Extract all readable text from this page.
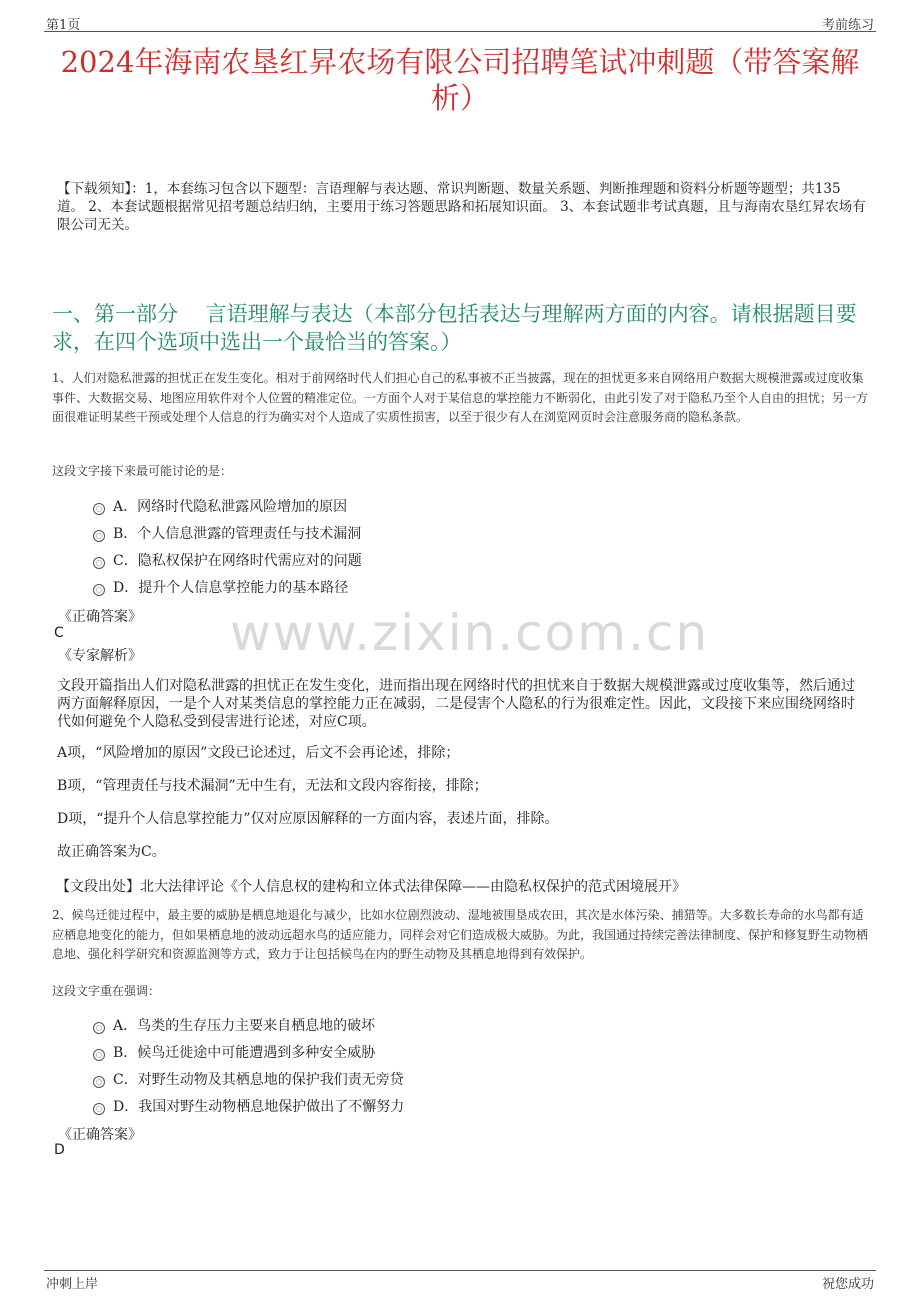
第1页	考前练习
2024年海南农垦红昇农场有限公司招聘笔试冲刺题（带答案解析）
【下载须知】：1，本套练习包含以下题型：言语理解与表达题、常识判断题、数量关系题、判断推理题和资料分析题等题型；共135道。 2、本套试题根据常见招考题总结归纳，主要用于练习答题思路和拓展知识面。 3、本套试题非考试真题，且与海南农垦红昇农场有限公司无关。
一、第一部分　 言语理解与表达（本部分包括表达与理解两方面的内容。请根据题目要求，在四个选项中选出一个最恰当的答案。）
1、人们对隐私泄露的担忧正在发生变化。相对于前网络时代人们担心自己的私事被不正当披露，现在的担忧更多来自网络用户数据大规模泄露或过度收集事件、大数据交易、地图应用软件对个人位置的精准定位。一方面个人对于某信息的掌控能力不断弱化，由此引发了对于隐私乃至个人自由的担忧；另一方面很难证明某些干预或处理个人信息的行为确实对个人造成了实质性损害，以至于很少有人在浏览网页时会注意服务商的隐私条款。
这段文字接下来最可能讨论的是：
A．网络时代隐私泄露风险增加的原因
B．个人信息泄露的管理责任与技术漏洞
C．隐私权保护在网络时代需应对的问题
D．提升个人信息掌控能力的基本路径
《正确答案》
C
《专家解析》 www.zixin.com.cn
文段开篇指出人们对隐私泄露的担忧正在发生变化，进而指出现在网络时代的担忧来自于数据大规模泄露或过度收集等，然后通过两方面解释原因，一是个人对某类信息的掌控能力正在减弱，二是侵害个人隐私的行为很难定性。因此，文段接下来应围绕网络时代如何避免个人隐私受到侵害进行论述，对应C项。
A项，“风险增加的原因”文段已论述过，后文不会再论述，排除；
B项，“管理责任与技术漏洞”无中生有，无法和文段内容衔接，排除；
D项，“提升个人信息掌控能力”仅对应原因解释的一方面内容，表述片面，排除。
故正确答案为C。
【文段出处】北大法律评论《个人信息权的建构和立体式法律保障——由隐私权保护的范式困境展开》
2、候鸟迁徙过程中，最主要的威胁是栖息地退化与减少，比如水位剧烈波动、湿地被围垦成农田，其次是水体污染、捕猎等。大多数长寿命的水鸟都有适应栖息地变化的能力，但如果栖息地的波动远超水鸟的适应能力，同样会对它们造成极大威胁。为此，我国通过持续完善法律制度、保护和修复野生动物栖息地、强化科学研究和资源监测等方式，致力于让包括候鸟在内的野生动物及其栖息地得到有效保护。
这段文字重在强调：
A．鸟类的生存压力主要来自栖息地的破坏
B．候鸟迁徙途中可能遭遇到多种安全威胁
C．对野生动物及其栖息地的保护我们责无旁贷
D．我国对野生动物栖息地保护做出了不懈努力
《正确答案》
D
冲刺上岸	祝您成功
